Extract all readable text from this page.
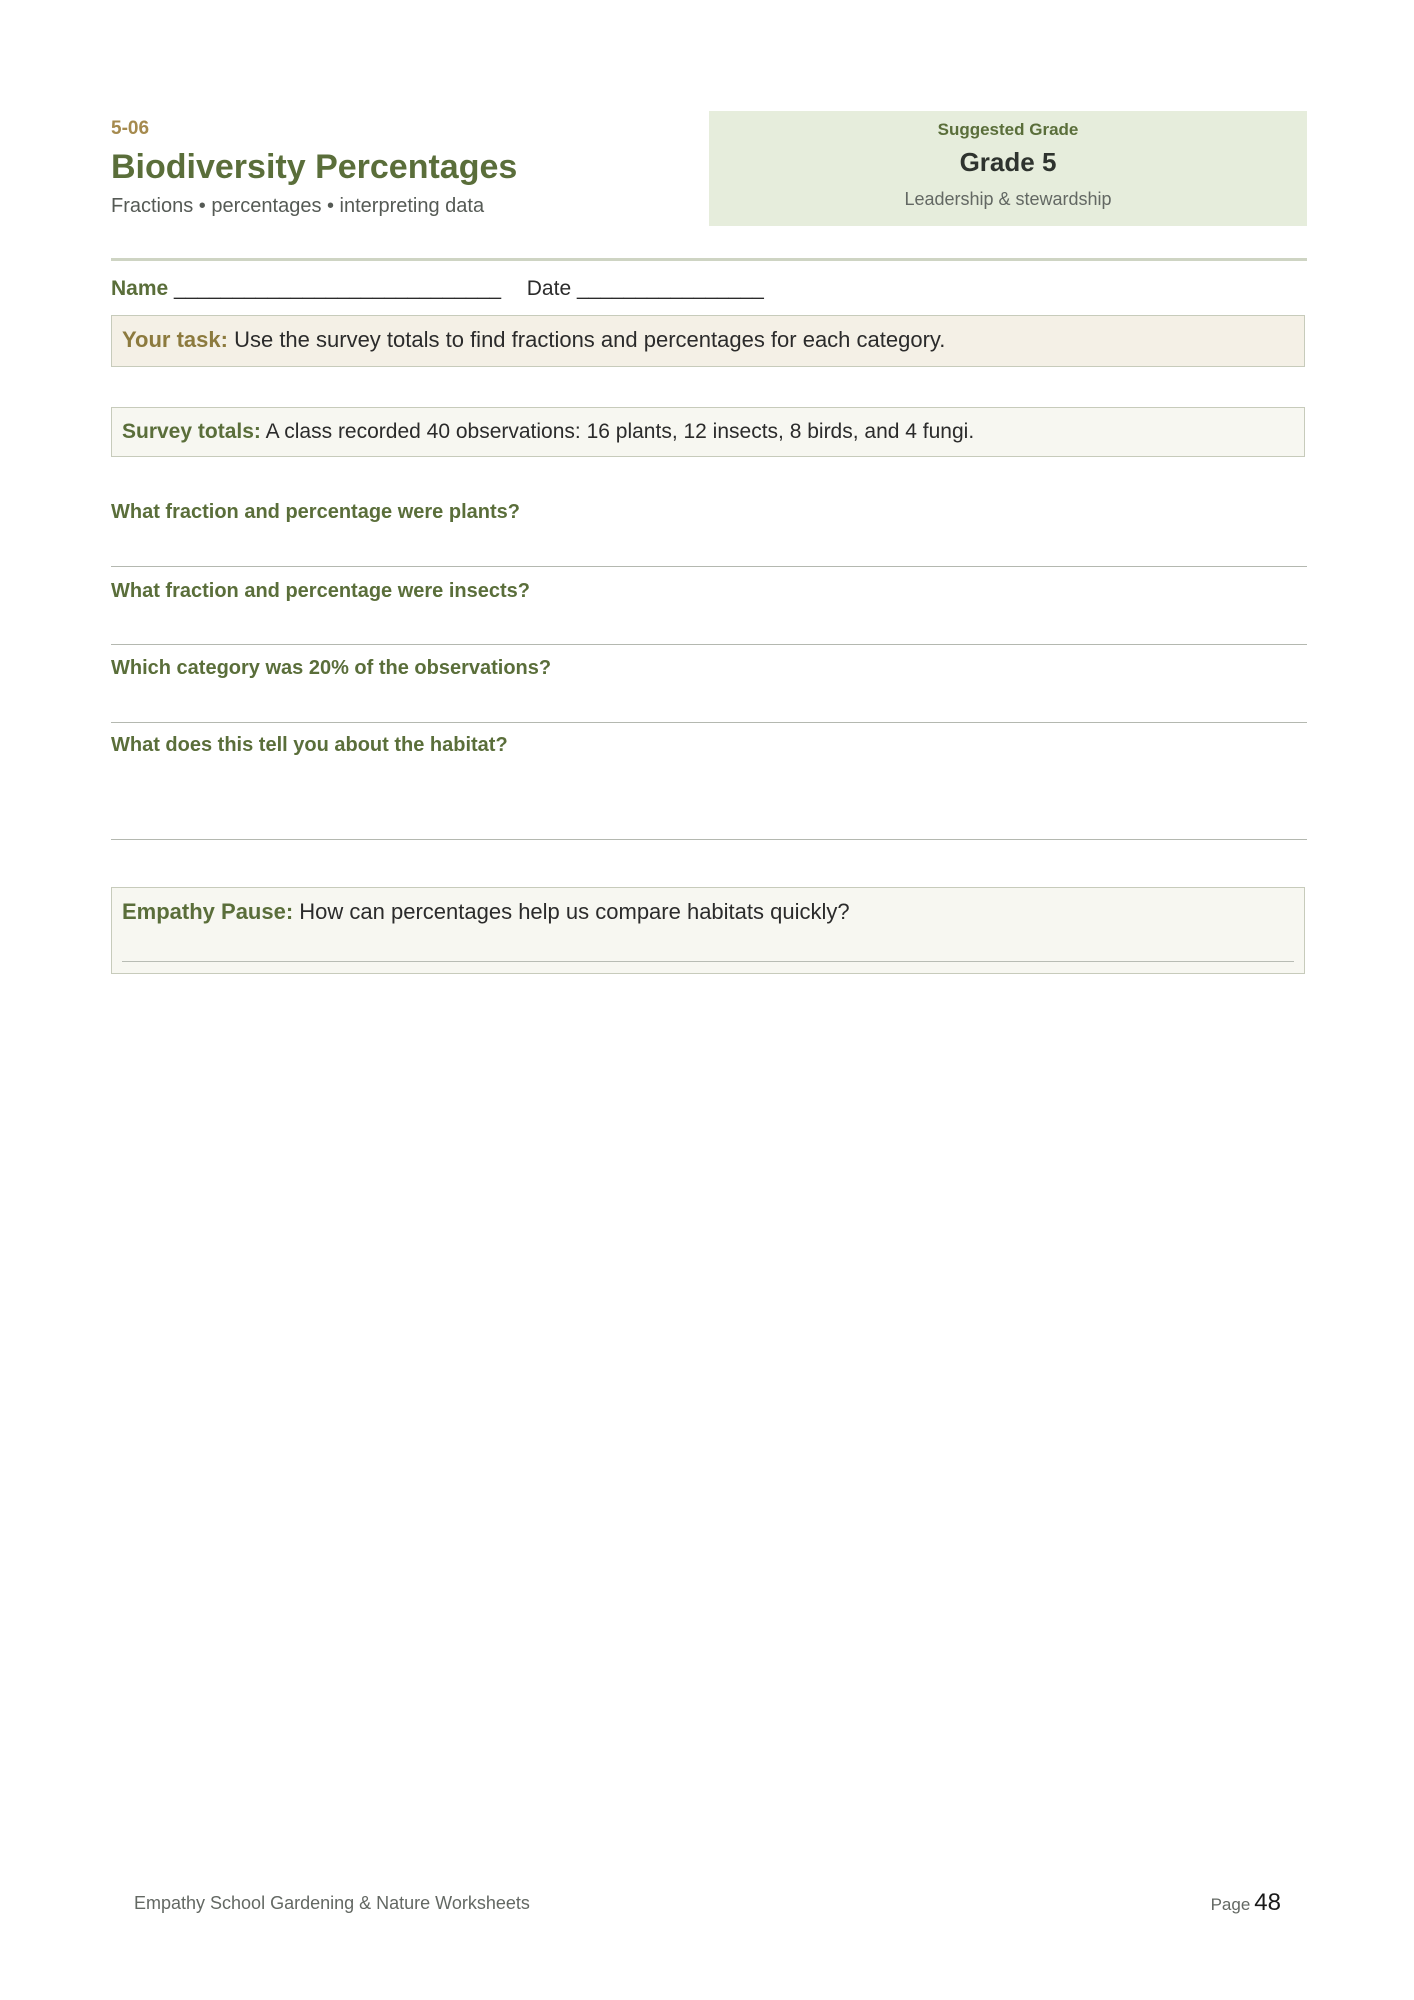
5-06
Biodiversity Percentages
Fractions • percentages • interpreting data
Suggested Grade
Grade 5
Leadership & stewardship
Name ____________________________ Date ________________
Your task: Use the survey totals to find fractions and percentages for each category.
Survey totals: A class recorded 40 observations: 16 plants, 12 insects, 8 birds, and 4 fungi.
What fraction and percentage were plants?
What fraction and percentage were insects?
Which category was 20% of the observations?
What does this tell you about the habitat?
Empathy Pause: How can percentages help us compare habitats quickly?
Empathy School Gardening & Nature Worksheets	Page 48
